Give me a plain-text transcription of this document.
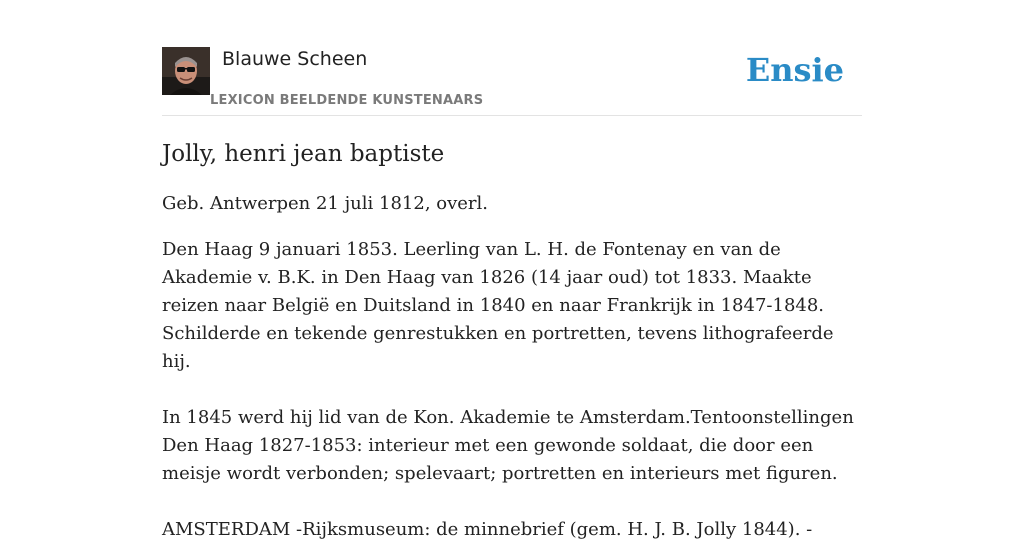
Blauwe Scheen
LEXICON BEELDENDE KUNSTENAARS
Ensie
Jolly, henri jean baptiste

Geb. Antwerpen 21 juli 1812, overl.

Den Haag 9 januari 1853. Leerling van L. H. de Fontenay en van de Akademie v. B.K. in Den Haag van 1826 (14 jaar oud) tot 1833. Maakte reizen naar België en Duitsland in 1840 en naar Frankrijk in 1847-1848. Schilderde en tekende genrestukken en portretten, tevens lithografeerde hij.

In 1845 werd hij lid van de Kon. Akademie te Amsterdam.Tentoonstellingen Den Haag 1827-1853: interieur met een gewonde soldaat, die door een meisje wordt verbonden; spelevaart; portretten en interieurs met figuren.

AMSTERDAM -Rijksmuseum: de minnebrief (gem. H. J. B. Jolly 1844). -
